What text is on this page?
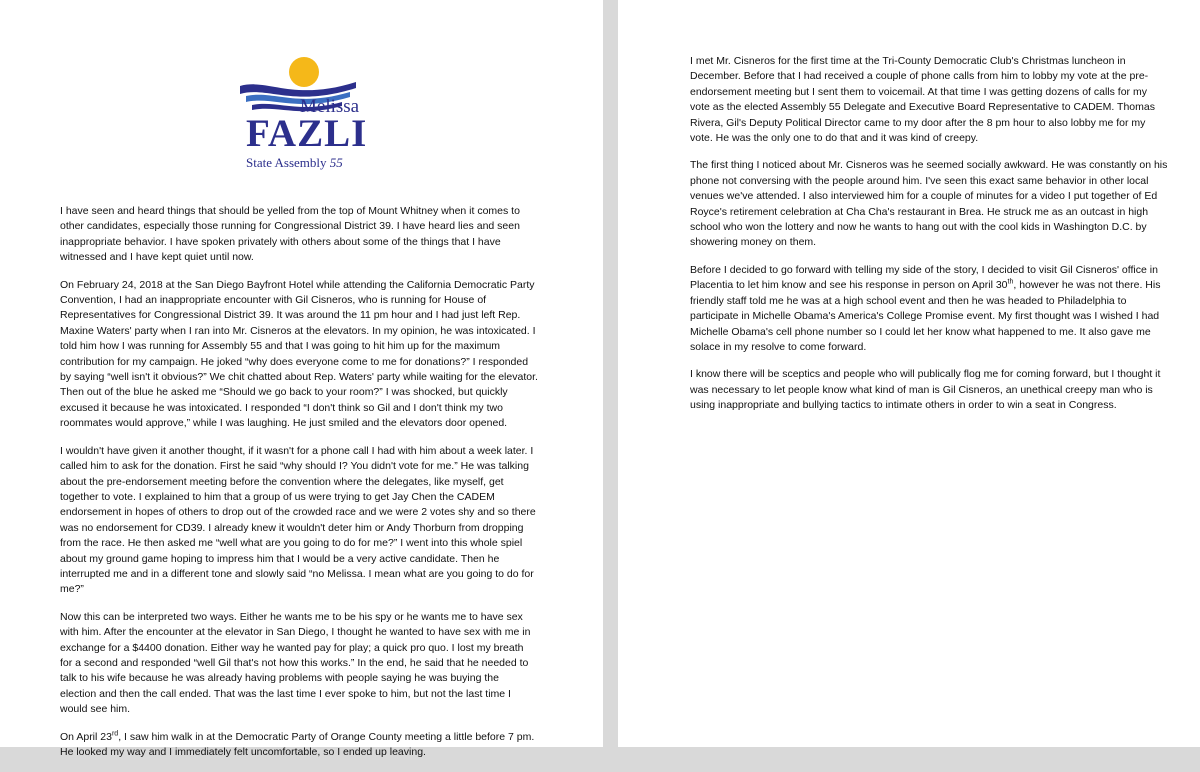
Melissa
FAZLI
State Assembly 55

I have seen and heard things that should be yelled from the top of Mount Whitney when it comes to other candidates, especially those running for Congressional District 39. I have heard lies and seen inappropriate behavior. I have spoken privately with others about some of the things that I have witnessed and I have kept quiet until now.

On February 24, 2018 at the San Diego Bayfront Hotel while attending the California Democratic Party Convention, I had an inappropriate encounter with Gil Cisneros, who is running for House of Representatives for Congressional District 39. It was around the 11 pm hour and I had just left Rep. Maxine Waters' party when I ran into Mr. Cisneros at the elevators. In my opinion, he was intoxicated. I told him how I was running for Assembly 55 and that I was going to hit him up for the maximum contribution for my campaign. He joked “why does everyone come to me for donations?” I responded by saying “well isn't it obvious?” We chit chatted about Rep. Waters' party while waiting for the elevator. Then out of the blue he asked me “Should we go back to your room?” I was shocked, but quickly excused it because he was intoxicated. I responded “I don't think so Gil and I don't think my two roommates would approve,” while I was laughing. He just smiled and the elevators door opened.

I wouldn't have given it another thought, if it wasn't for a phone call I had with him about a week later. I called him to ask for the donation. First he said “why should I? You didn't vote for me.” He was talking about the pre-endorsement meeting before the convention where the delegates, like myself, get together to vote. I explained to him that a group of us were trying to get Jay Chen the CADEM endorsement in hopes of others to drop out of the crowded race and we were 2 votes shy and so there was no endorsement for CD39. I already knew it wouldn't deter him or Andy Thorburn from dropping from the race. He then asked me “well what are you going to do for me?” I went into this whole spiel about my ground game hoping to impress him that I would be a very active candidate. Then he interrupted me and in a different tone and slowly said “no Melissa. I mean what are you going to do for me?”

Now this can be interpreted two ways. Either he wants me to be his spy or he wants me to have sex with him. After the encounter at the elevator in San Diego, I thought he wanted to have sex with me in exchange for a $4400 donation. Either way he wanted pay for play; a quick pro quo. I lost my breath for a second and responded “well Gil that's not how this works.” In the end, he said that he needed to talk to his wife because he was already having problems with people saying he was buying the election and then the call ended. That was the last time I ever spoke to him, but not the last time I would see him.

On April 23rd, I saw him walk in at the Democratic Party of Orange County meeting a little before 7 pm. He looked my way and I immediately felt uncomfortable, so I ended up leaving.

I met Mr. Cisneros for the first time at the Tri-County Democratic Club's Christmas luncheon in December. Before that I had received a couple of phone calls from him to lobby my vote at the pre-endorsement meeting but I sent them to voicemail. At that time I was getting dozens of calls for my vote as the elected Assembly 55 Delegate and Executive Board Representative to CADEM. Thomas Rivera, Gil's Deputy Political Director came to my door after the 8 pm hour to also lobby me for my vote. He was the only one to do that and it was kind of creepy.

The first thing I noticed about Mr. Cisneros was he seemed socially awkward. He was constantly on his phone not conversing with the people around him. I've seen this exact same behavior in other local venues we've attended. I also interviewed him for a couple of minutes for a video I put together of Ed Royce's retirement celebration at Cha Cha's restaurant in Brea. He struck me as an outcast in high school who won the lottery and now he wants to hang out with the cool kids in Washington D.C. by showering money on them.

Before I decided to go forward with telling my side of the story, I decided to visit Gil Cisneros' office in Placentia to let him know and see his response in person on April 30th, however he was not there. His friendly staff told me he was at a high school event and then he was headed to Philadelphia to participate in Michelle Obama's America's College Promise event. My first thought was I wished I had Michelle Obama's cell phone number so I could let her know what happened to me. It also gave me solace in my resolve to come forward.

I know there will be sceptics and people who will publically flog me for coming forward, but I thought it was necessary to let people know what kind of man is Gil Cisneros, an unethical creepy man who is using inappropriate and bullying tactics to intimate others in order to win a seat in Congress.
